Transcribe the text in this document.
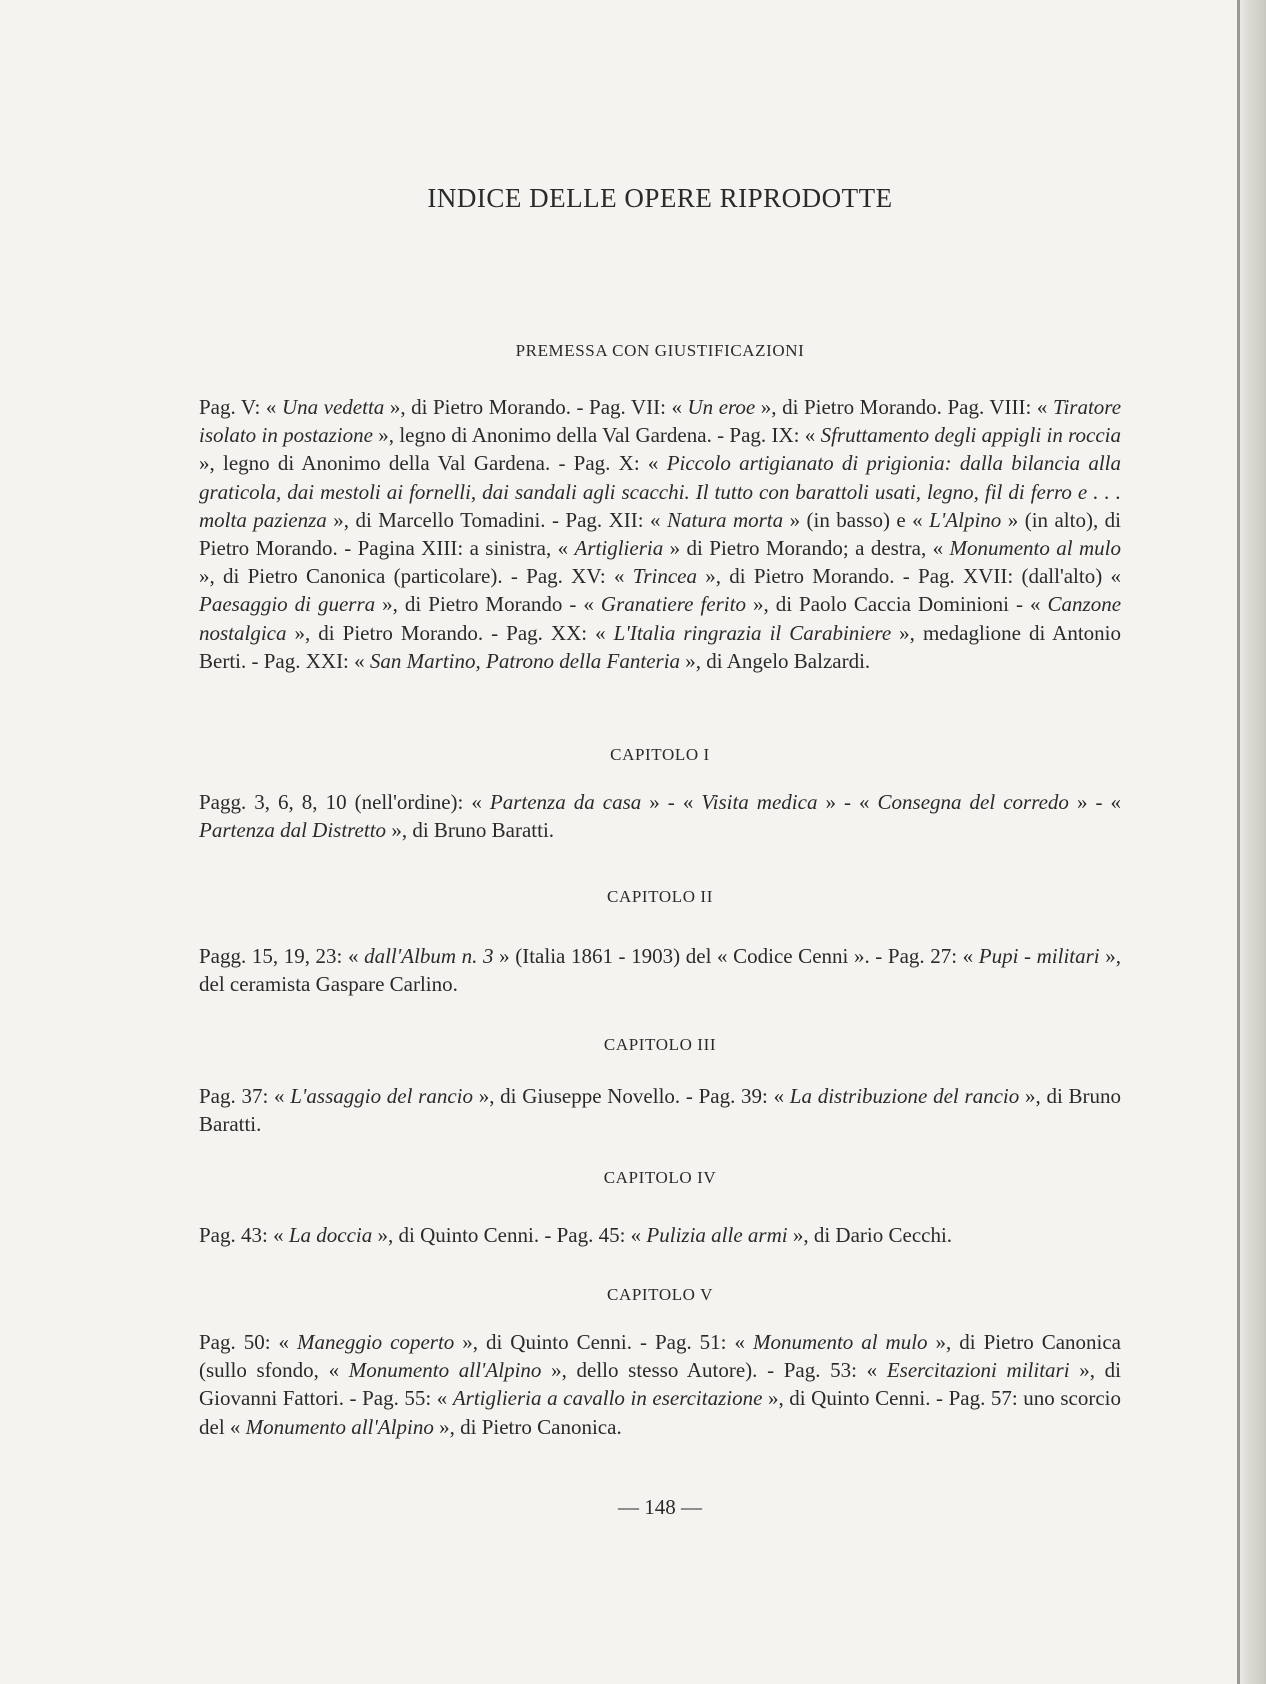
INDICE DELLE OPERE RIPRODOTTE
PREMESSA CON GIUSTIFICAZIONI
Pag. V: « Una vedetta », di Pietro Morando. - Pag. VII: « Un eroe », di Pietro Morando. Pag. VIII: « Tiratore isolato in postazione », legno di Anonimo della Val Gardena. - Pag. IX: « Sfruttamento degli appigli in roccia », legno di Anonimo della Val Gardena. - Pag. X: « Piccolo artigianato di prigionia: dalla bilancia alla graticola, dai mestoli ai fornelli, dai sandali agli scacchi. Il tutto con barattoli usati, legno, fil di ferro e . . . molta pazienza », di Marcello Tomadini. - Pag. XII: « Natura morta » (in basso) e « L'Alpino » (in alto), di Pietro Morando. - Pagina XIII: a sinistra, « Artiglieria » di Pietro Morando; a destra, « Monumento al mulo », di Pietro Canonica (particolare). - Pag. XV: « Trincea », di Pietro Morando. - Pag. XVII: (dall'alto) « Paesaggio di guerra », di Pietro Morando - « Granatiere ferito », di Paolo Caccia Dominioni - « Canzone nostalgica », di Pietro Morando. - Pag. XX: « L'Italia ringrazia il Carabiniere », medaglione di Antonio Berti. - Pag. XXI: « San Martino, Patrono della Fanteria », di Angelo Balzardi.
CAPITOLO I
Pagg. 3, 6, 8, 10 (nell'ordine): « Partenza da casa » - « Visita medica » - « Consegna del corredo » - « Partenza dal Distretto », di Bruno Baratti.
CAPITOLO II
Pagg. 15, 19, 23: « dall'Album n. 3 » (Italia 1861 - 1903) del « Codice Cenni ». - Pag. 27: « Pupi - militari », del ceramista Gaspare Carlino.
CAPITOLO III
Pag. 37: « L'assaggio del rancio », di Giuseppe Novello. - Pag. 39: « La distribuzione del rancio », di Bruno Baratti.
CAPITOLO IV
Pag. 43: « La doccia », di Quinto Cenni. - Pag. 45: « Pulizia alle armi », di Dario Cecchi.
CAPITOLO V
Pag. 50: « Maneggio coperto », di Quinto Cenni. - Pag. 51: « Monumento al mulo », di Pietro Canonica (sullo sfondo, « Monumento all'Alpino », dello stesso Autore). - Pag. 53: « Esercitazioni militari », di Giovanni Fattori. - Pag. 55: « Artiglieria a cavallo in esercitazione », di Quinto Cenni. - Pag. 57: uno scorcio del « Monumento all'Alpino », di Pietro Canonica.
— 148 —
